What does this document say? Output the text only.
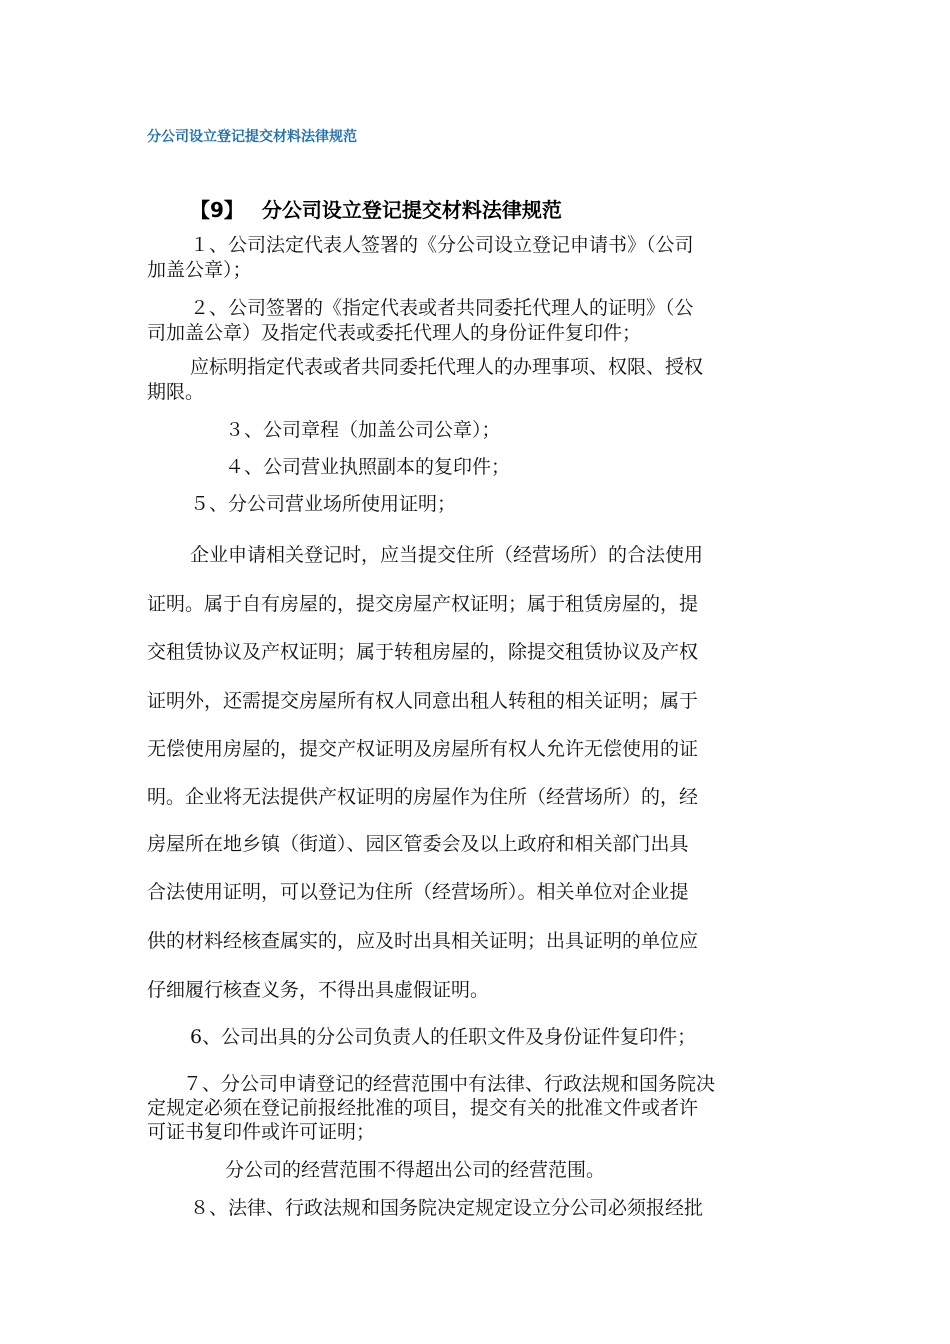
分公司设立登记提交材料法律规范
【9】 分公司设立登记提交材料法律规范

１、公司法定代表人签署的《分公司设立登记申请书》（公司

加盖公章）；

２、公司签署的《指定代表或者共同委托代理人的证明》（公

司加盖公章）及指定代表或委托代理人的身份证件复印件；

应标明指定代表或者共同委托代理人的办理事项、权限、授权

期限。

３、公司章程（加盖公司公章）；

４、公司营业执照副本的复印件；

５、分公司营业场所使用证明；

企业申请相关登记时，应当提交住所（经营场所）的合法使用

证明。属于自有房屋的，提交房屋产权证明；属于租赁房屋的，提

交租赁协议及产权证明；属于转租房屋的，除提交租赁协议及产权

证明外，还需提交房屋所有权人同意出租人转租的相关证明；属于

无偿使用房屋的，提交产权证明及房屋所有权人允许无偿使用的证

明。企业将无法提供产权证明的房屋作为住所（经营场所）的，经

房屋所在地乡镇（街道）、园区管委会及以上政府和相关部门出具

合法使用证明，可以登记为住所（经营场所）。相关单位对企业提

供的材料经核查属实的，应及时出具相关证明；出具证明的单位应

仔细履行核查义务，不得出具虚假证明。

6、公司出具的分公司负责人的任职文件及身份证件复印件；

７、分公司申请登记的经营范围中有法律、行政法规和国务院决

定规定必须在登记前报经批准的项目，提交有关的批准文件或者许

可证书复印件或许可证明；

分公司的经营范围不得超出公司的经营范围。

８、法律、行政法规和国务院决定规定设立分公司必须报经批
